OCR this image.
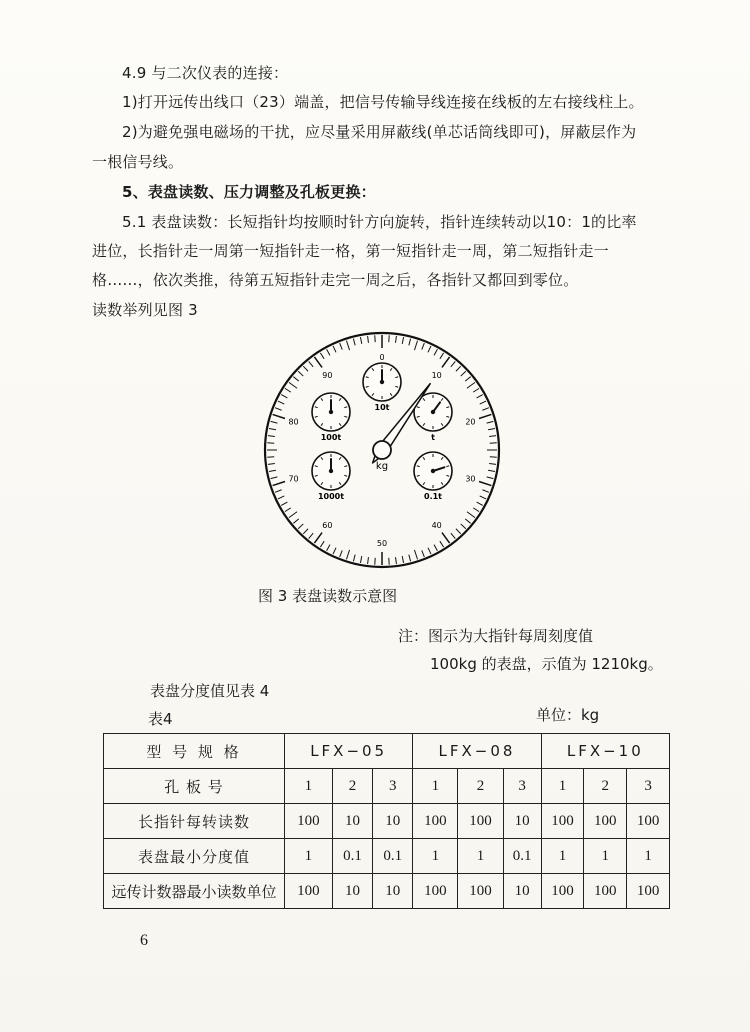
4.9 与二次仪表的连接：
1)打开远传出线口（23）端盖，把信号传输导线连接在线板的左右接线柱上。
2)为避免强电磁场的干扰，应尽量采用屏蔽线(单芯话筒线即可)，屏蔽层作为
一根信号线。
5、表盘读数、压力调整及孔板更换：
5.1 表盘读数：长短指针均按顺时针方向旋转，指针连续转动以10：1的比率
进位，长指针走一周第一短指针走一格，第一短指针走一周，第二短指针走一
格……，依次类推，待第五短指针走完一周之后，各指针又都回到零位。
读数举列见图 3
0
10
20
30
40
50
60
70
80
90
10t
t
0.1t
1000t
100t
kg
图 3 表盘读数示意图
注：图示为大指针每周刻度值
100kg 的表盘，示值为 1210kg。
表盘分度值见表 4
表4	单位：kg
型 号 规 格	LFX−05			LFX−08			LFX−10		
孔 板 号	1	2	3	1	2	3	1	2	3
长指针每转读数	100	10	10	100	100	10	100	100	100
表盘最小分度值	1	0.1	0.1	1	1	0.1	1	1	1
远传计数器最小读数单位	100	10	10	100	100	10	100	100	100
6
